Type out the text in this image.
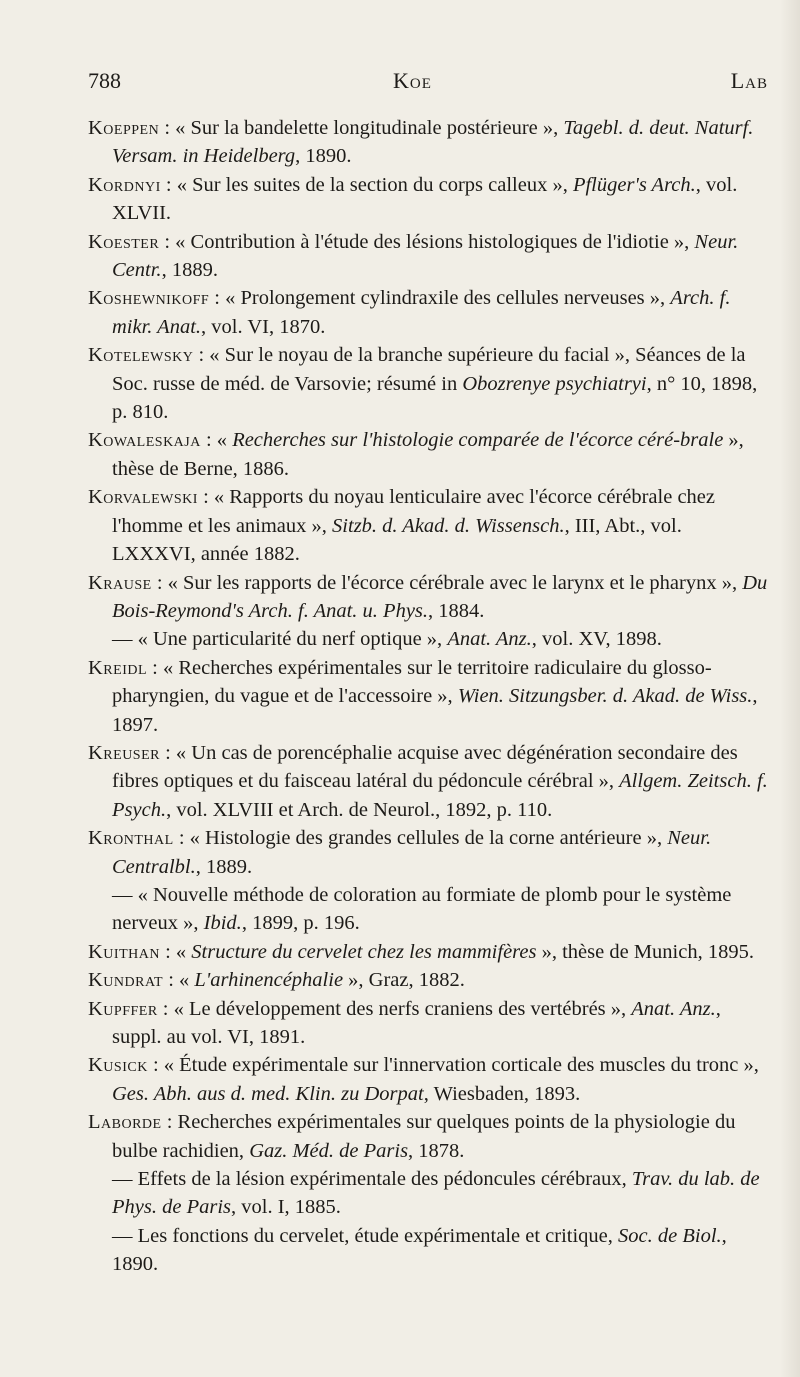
788	Koe	Lab

Koeppen : « Sur la bandelette longitudinale postérieure », Tagebl. d. deut. Naturf. Versam. in Heidelberg, 1890.

Kordnyi : « Sur les suites de la section du corps calleux », Pflüger's Arch., vol. XLVII.

Koester : « Contribution à l'étude des lésions histologiques de l'idiotie », Neur. Centr., 1889.

Koshewnikoff : « Prolongement cylindraxile des cellules nerveuses », Arch. f. mikr. Anat., vol. VI, 1870.

Kotelewsky : « Sur le noyau de la branche supérieure du facial », Séances de la Soc. russe de méd. de Varsovie; résumé in Obozrenye psychiatryi, n° 10, 1898, p. 810.

Kowaleskaja : « Recherches sur l'histologie comparée de l'écorce céré-brale », thèse de Berne, 1886.

Korvalewski : « Rapports du noyau lenticulaire avec l'écorce cérébrale chez l'homme et les animaux », Sitzb. d. Akad. d. Wissensch., III, Abt., vol. LXXXVI, année 1882.

Krause : « Sur les rapports de l'écorce cérébrale avec le larynx et le pharynx », Du Bois-Reymond's Arch. f. Anat. u. Phys., 1884.

— « Une particularité du nerf optique », Anat. Anz., vol. XV, 1898.

Kreidl : « Recherches expérimentales sur le territoire radiculaire du glosso-pharyngien, du vague et de l'accessoire », Wien. Sitzungsber. d. Akad. de Wiss., 1897.

Kreuser : « Un cas de porencéphalie acquise avec dégénération secondaire des fibres optiques et du faisceau latéral du pédoncule cérébral », Allgem. Zeitsch. f. Psych., vol. XLVIII et Arch. de Neurol., 1892, p. 110.

Kronthal : « Histologie des grandes cellules de la corne antérieure », Neur. Centralbl., 1889.

— « Nouvelle méthode de coloration au formiate de plomb pour le système nerveux », Ibid., 1899, p. 196.

Kuithan : « Structure du cervelet chez les mammifères », thèse de Munich, 1895.

Kundrat : « L'arhinencéphalie », Graz, 1882.

Kupffer : « Le développement des nerfs craniens des vertébrés », Anat. Anz., suppl. au vol. VI, 1891.

Kusick : « Étude expérimentale sur l'innervation corticale des muscles du tronc », Ges. Abh. aus d. med. Klin. zu Dorpat, Wiesbaden, 1893.

Laborde : Recherches expérimentales sur quelques points de la physiologie du bulbe rachidien, Gaz. Méd. de Paris, 1878.

— Effets de la lésion expérimentale des pédoncules cérébraux, Trav. du lab. de Phys. de Paris, vol. I, 1885.

— Les fonctions du cervelet, étude expérimentale et critique, Soc. de Biol., 1890.
